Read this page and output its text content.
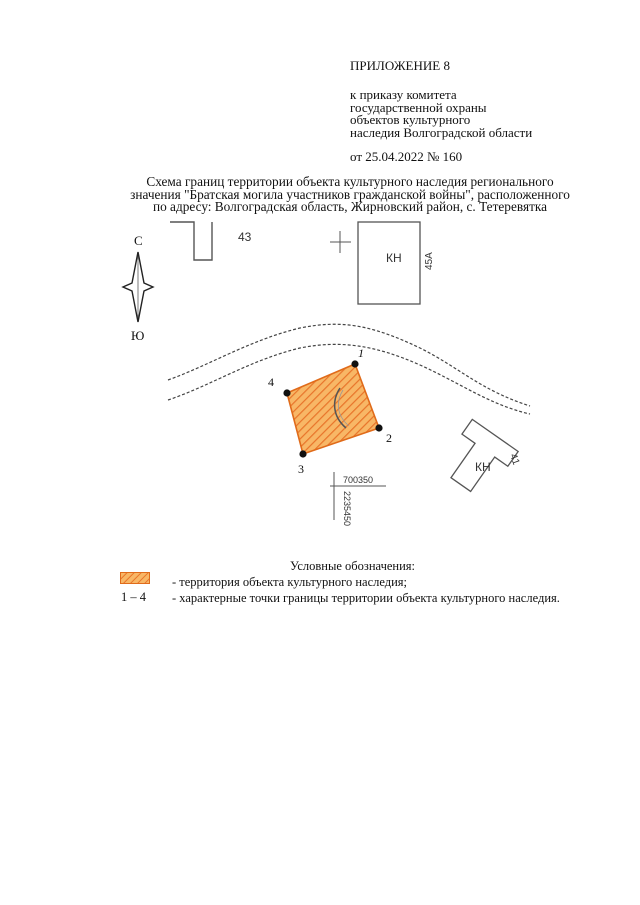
ПРИЛОЖЕНИЕ 8
к приказу комитета
государственной охраны
объектов культурного
наследия Волгоградской области
от 25.04.2022 № 160
Схема границ территории объекта культурного наследия регионального
значения "Братская могила участников гражданской войны", расположенного
по адресу: Волгоградская область, Жирновский район, с. Тетеревятка
С
Ю
43
КН 45А
1
2
3
4
700350
2235450
КН
41
Условные обозначения:
- территория объекта культурного наследия;
1 – 4 - характерные точки границы территории объекта культурного наследия.
